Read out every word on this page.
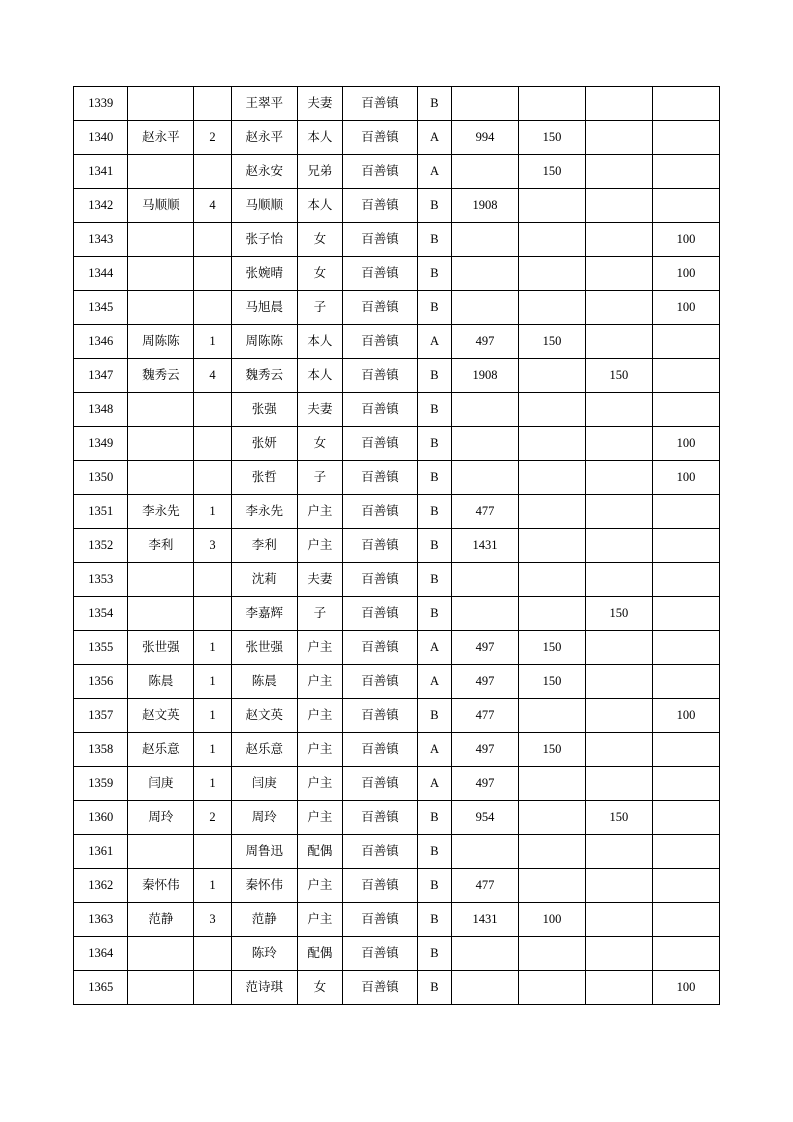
1339			王翠平	夫妻	百善镇	B				
1340	赵永平	2	赵永平	本人	百善镇	A	994	150		
1341			赵永安	兄弟	百善镇	A		150		
1342	马顺顺	4	马顺顺	本人	百善镇	B	1908			
1343			张子怡	女	百善镇	B				100
1344			张婉晴	女	百善镇	B				100
1345			马旭晨	子	百善镇	B				100
1346	周陈陈	1	周陈陈	本人	百善镇	A	497	150		
1347	魏秀云	4	魏秀云	本人	百善镇	B	1908		150	
1348			张强	夫妻	百善镇	B				
1349			张妍	女	百善镇	B				100
1350			张哲	子	百善镇	B				100
1351	李永先	1	李永先	户主	百善镇	B	477			
1352	李利	3	李利	户主	百善镇	B	1431			
1353			沈莉	夫妻	百善镇	B				
1354			李嘉辉	子	百善镇	B			150	
1355	张世强	1	张世强	户主	百善镇	A	497	150		
1356	陈晨	1	陈晨	户主	百善镇	A	497	150		
1357	赵文英	1	赵文英	户主	百善镇	B	477			100
1358	赵乐意	1	赵乐意	户主	百善镇	A	497	150		
1359	闫庚	1	闫庚	户主	百善镇	A	497			
1360	周玲	2	周玲	户主	百善镇	B	954		150	
1361			周鲁迅	配偶	百善镇	B				
1362	秦怀伟	1	秦怀伟	户主	百善镇	B	477			
1363	范静	3	范静	户主	百善镇	B	1431	100		
1364			陈玲	配偶	百善镇	B				
1365			范诗琪	女	百善镇	B				100
